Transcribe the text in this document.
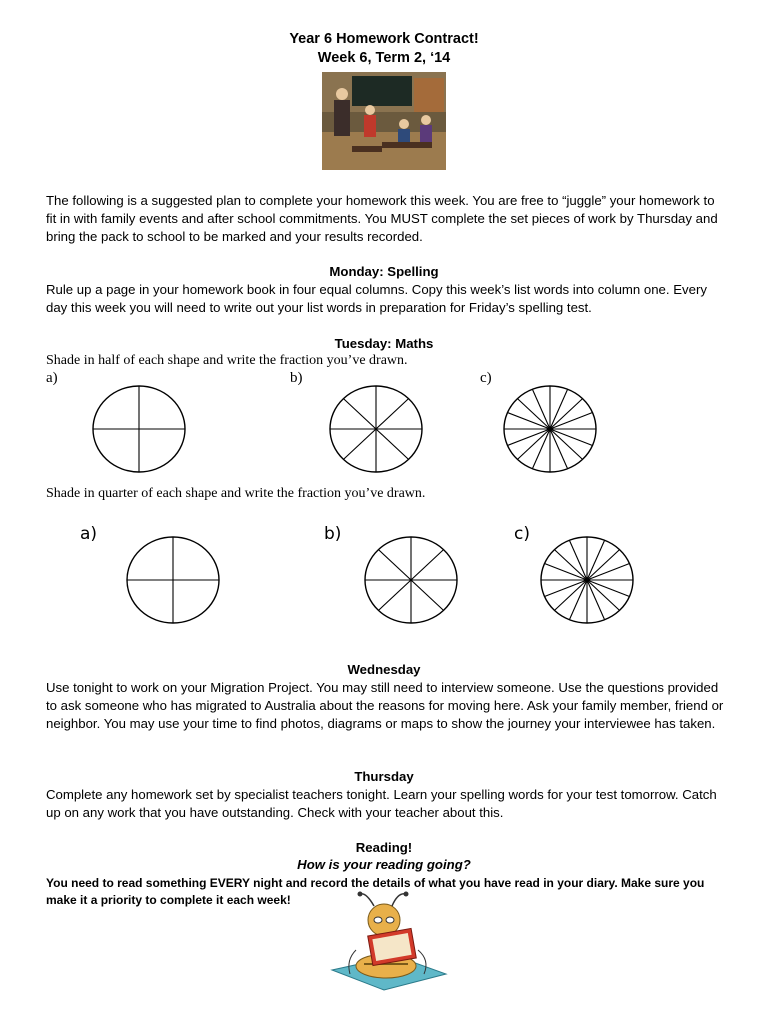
Year 6 Homework Contract!
Week 6, Term 2, ‘14
The following is a suggested plan to complete your homework this week. You are free to “juggle” your homework to fit in with family events and after school commitments. You MUST complete the set pieces of work by Thursday and bring the pack to school to be marked and your results recorded.
Monday: Spelling
Rule up a page in your homework book in four equal columns. Copy this week’s list words into column one. Every day this week you will need to write out your list words in preparation for Friday’s spelling test.
Tuesday: Maths
Shade in half of each shape and write the fraction you’ve drawn.
a)	b)	c)
Shade in quarter of each shape and write the fraction you’ve drawn.
a)	b)	c)
Wednesday
Use tonight to work on your Migration Project. You may still need to interview someone. Use the questions provided to ask someone who has migrated to Australia about the reasons for moving here. Ask your family member, friend or neighbor. You may use your time to find photos, diagrams or maps to show the journey your interviewee has taken.
Thursday
Complete any homework set by specialist teachers tonight. Learn your spelling words for your test tomorrow. Catch up on any work that you have outstanding. Check with your teacher about this.
Reading!
How is your reading going?
You need to read something EVERY night and record the details of what you have read in your diary. Make sure you make it a priority to complete it each week!
